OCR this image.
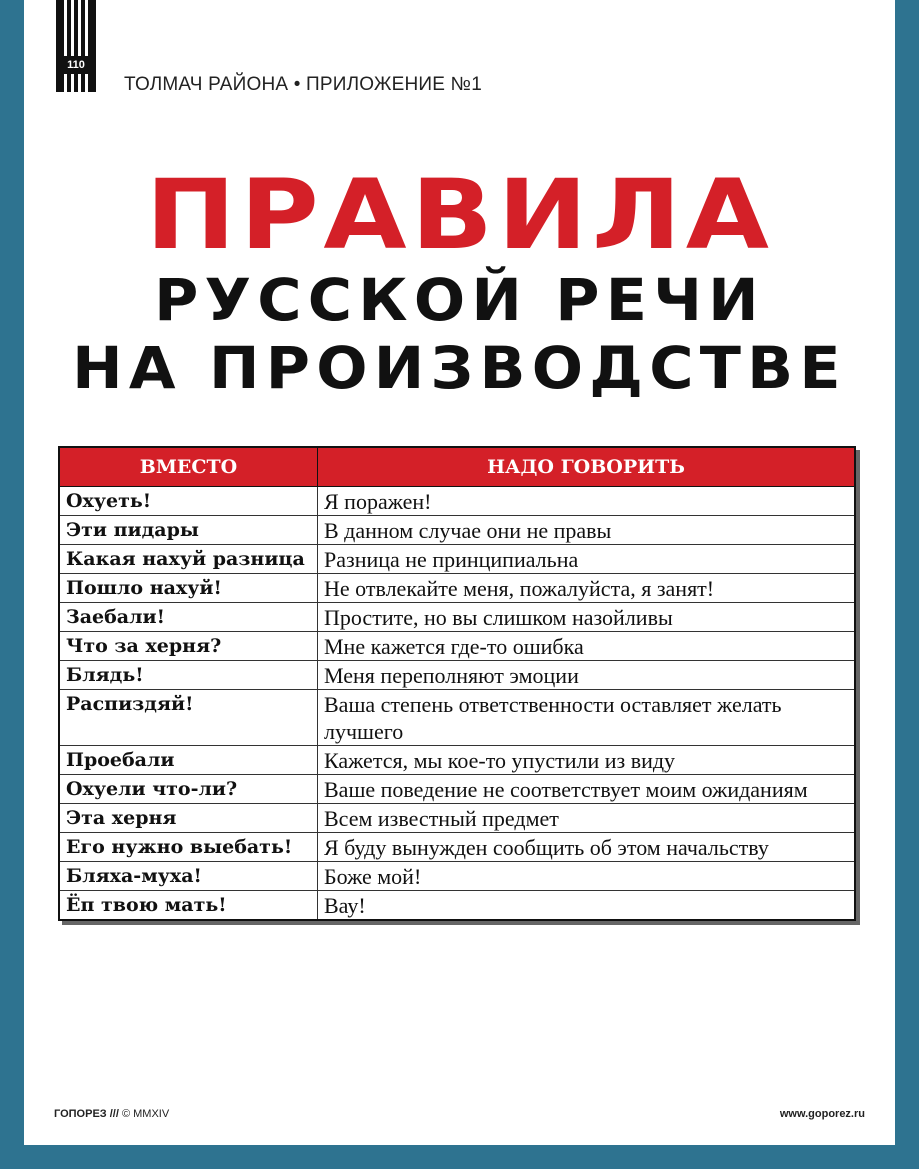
110
ТОЛМАЧ РАЙОНА • ПРИЛОЖЕНИЕ №1
ПРАВИЛА
РУССКОЙ РЕЧИ
НА ПРОИЗВОДСТВЕ
ВМЕСТО	НАДО ГОВОРИТЬ
Охуеть!	Я поражен!
Эти пидары	В данном случае они не правы
Какая нахуй разница	Разница не принципиальна
Пошло нахуй!	Не отвлекайте меня, пожалуйста, я занят!
Заебали!	Простите, но вы слишком назойливы
Что за херня?	Мне кажется где-то ошибка
Блядь!	Меня переполняют эмоции
Распиздяй!	Ваша степень ответственности оставляет желать лучшего
Проебали	Кажется, мы кое-то упустили из виду
Охуели что-ли?	Ваше поведение не соответствует моим ожиданиям
Эта херня	Всем известный предмет
Его нужно выебать!	Я буду вынужден сообщить об этом начальству
Бляха-муха!	Боже мой!
Ёп твою мать!	Вау!
ГОПОРЕЗ /// © MMXIV	www.goporez.ru
